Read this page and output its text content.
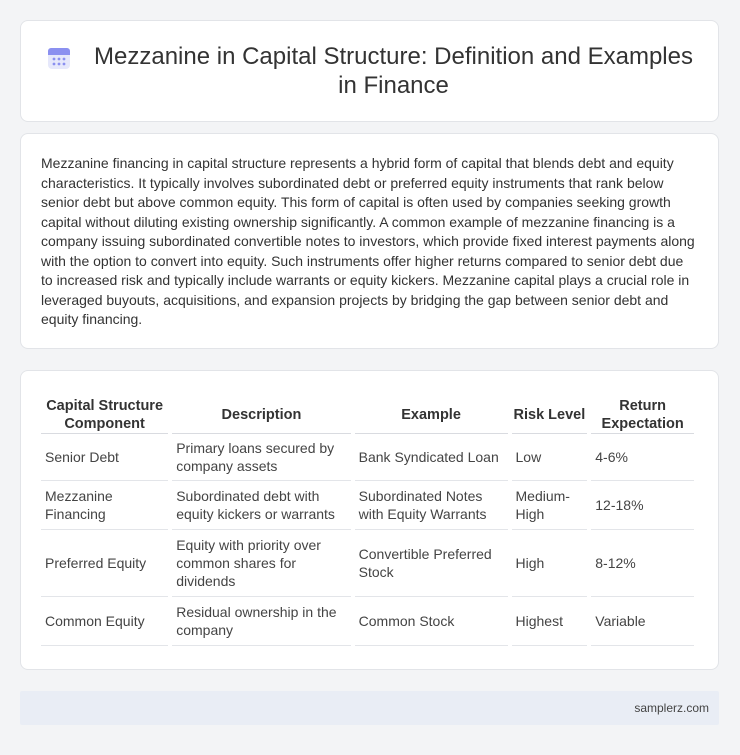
Mezzanine in Capital Structure: Definition and Examples in Finance

Mezzanine financing in capital structure represents a hybrid form of capital that blends debt and equity characteristics. It typically involves subordinated debt or preferred equity instruments that rank below senior debt but above common equity. This form of capital is often used by companies seeking growth capital without diluting existing ownership significantly. A common example of mezzanine financing is a company issuing subordinated convertible notes to investors, which provide fixed interest payments along with the option to convert into equity. Such instruments offer higher returns compared to senior debt due to increased risk and typically include warrants or equity kickers. Mezzanine capital plays a crucial role in leveraged buyouts, acquisitions, and expansion projects by bridging the gap between senior debt and equity financing.

Capital Structure Component	Description	Example	Risk Level	Return Expectation
Senior Debt	Primary loans secured by company assets	Bank Syndicated Loan	Low	4-6%
Mezzanine Financing	Subordinated debt with equity kickers or warrants	Subordinated Notes with Equity Warrants	Medium-High	12-18%
Preferred Equity	Equity with priority over common shares for dividends	Convertible Preferred Stock	High	8-12%
Common Equity	Residual ownership in the company	Common Stock	Highest	Variable
samplerz.com
